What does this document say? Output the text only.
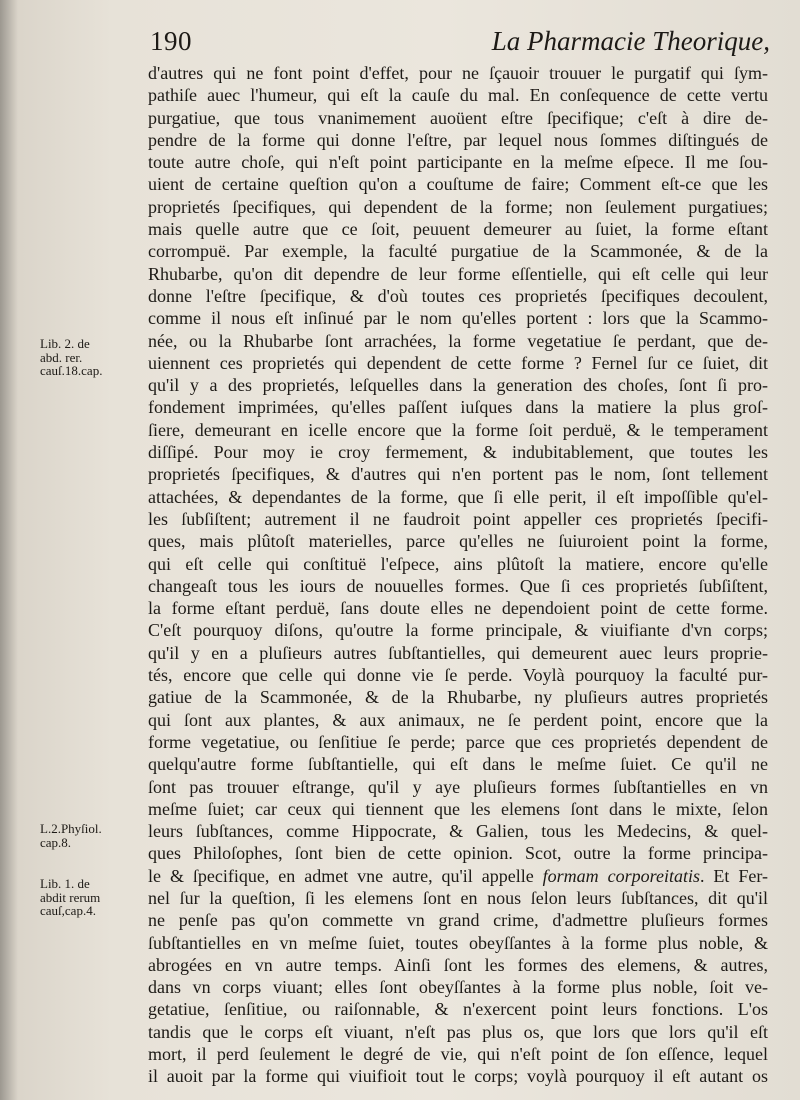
190	La Pharmacie Theorique,
d'autres qui ne font point d'effet, pour ne ſçauoir trouuer le purgatif qui ſym-
pathiſe auec l'humeur, qui eſt la cauſe du mal. En conſequence de cette vertu
purgatiue, que tous vnanimement auoüent eſtre ſpecifique; c'eſt à dire de-
pendre de la forme qui donne l'eſtre, par lequel nous ſommes diſtingués de
toute autre choſe, qui n'eſt point participante en la meſme eſpece. Il me ſou-
uient de certaine queſtion qu'on a couſtume de faire; Comment eſt-ce que les
proprietés ſpecifiques, qui dependent de la forme; non ſeulement purgatiues;
mais quelle autre que ce ſoit, peuuent demeurer au ſuiet, la forme eſtant
corrompuë. Par exemple, la faculté purgatiue de la Scammonée, & de la
Rhubarbe, qu'on dit dependre de leur forme eſſentielle, qui eſt celle qui leur
donne l'eſtre ſpecifique, & d'où toutes ces proprietés ſpecifiques decoulent,
comme il nous eſt inſinué par le nom qu'elles portent : lors que la Scammo-
née, ou la Rhubarbe ſont arrachées, la forme vegetatiue ſe perdant, que de-
uiennent ces proprietés qui dependent de cette forme ? Fernel ſur ce ſuiet, dit
qu'il y a des proprietés, leſquelles dans la generation des choſes, ſont ſi pro-
fondement imprimées, qu'elles paſſent iuſques dans la matiere la plus groſ-
ſiere, demeurant en icelle encore que la forme ſoit perduë, & le temperament
diſſipé. Pour moy ie croy fermement, & indubitablement, que toutes les
proprietés ſpecifiques, & d'autres qui n'en portent pas le nom, ſont tellement
attachées, & dependantes de la forme, que ſi elle perit, il eſt impoſſible qu'el-
les ſubſiſtent; autrement il ne faudroit point appeller ces proprietés ſpecifi-
ques, mais plûtoſt materielles, parce qu'elles ne ſuiuroient point la forme,
qui eſt celle qui conſtituë l'eſpece, ains plûtoſt la matiere, encore qu'elle
changeaſt tous les iours de nouuelles formes. Que ſi ces proprietés ſubſiſtent,
la forme eſtant perduë, ſans doute elles ne dependoient point de cette forme.
C'eſt pourquoy diſons, qu'outre la forme principale, & viuifiante d'vn corps;
qu'il y en a pluſieurs autres ſubſtantielles, qui demeurent auec leurs proprie-
tés, encore que celle qui donne vie ſe perde. Voylà pourquoy la faculté pur-
gatiue de la Scammonée, & de la Rhubarbe, ny pluſieurs autres proprietés
qui ſont aux plantes, & aux animaux, ne ſe perdent point, encore que la
forme vegetatiue, ou ſenſitiue ſe perde; parce que ces proprietés dependent de
quelqu'autre forme ſubſtantielle, qui eſt dans le meſme ſuiet. Ce qu'il ne
ſont pas trouuer eſtrange, qu'il y aye pluſieurs formes ſubſtantielles en vn
meſme ſuiet; car ceux qui tiennent que les elemens ſont dans le mixte, ſelon
leurs ſubſtances, comme Hippocrate, & Galien, tous les Medecins, & quel-
ques Philoſophes, ſont bien de cette opinion. Scot, outre la forme principa-
le & ſpecifique, en admet vne autre, qu'il appelle formam corporeitatis. Et Fer-
nel ſur la queſtion, ſi les elemens ſont en nous ſelon leurs ſubſtances, dit qu'il
ne penſe pas qu'on commette vn grand crime, d'admettre pluſieurs formes
ſubſtantielles en vn meſme ſuiet, toutes obeyſſantes à la forme plus noble, &
abrogées en vn autre temps. Ainſi ſont les formes des elemens, & autres,
dans vn corps viuant; elles ſont obeyſſantes à la forme plus noble, ſoit ve-
getatiue, ſenſitiue, ou raiſonnable, & n'exercent point leurs fonctions. L'os
tandis que le corps eſt viuant, n'eſt pas plus os, que lors que lors qu'il eſt
mort, il perd ſeulement le degré de vie, qui n'eſt point de ſon eſſence, lequel
il auoit par la forme qui viuifioit tout le corps; voylà pourquoy il eſt autant os
Lib. 2. de
abd. rer.
cauſ.18.cap.
L.2.Phyſiol.
cap.8.
Lib. 1. de
abdit rerum
cauſ,cap.4.
